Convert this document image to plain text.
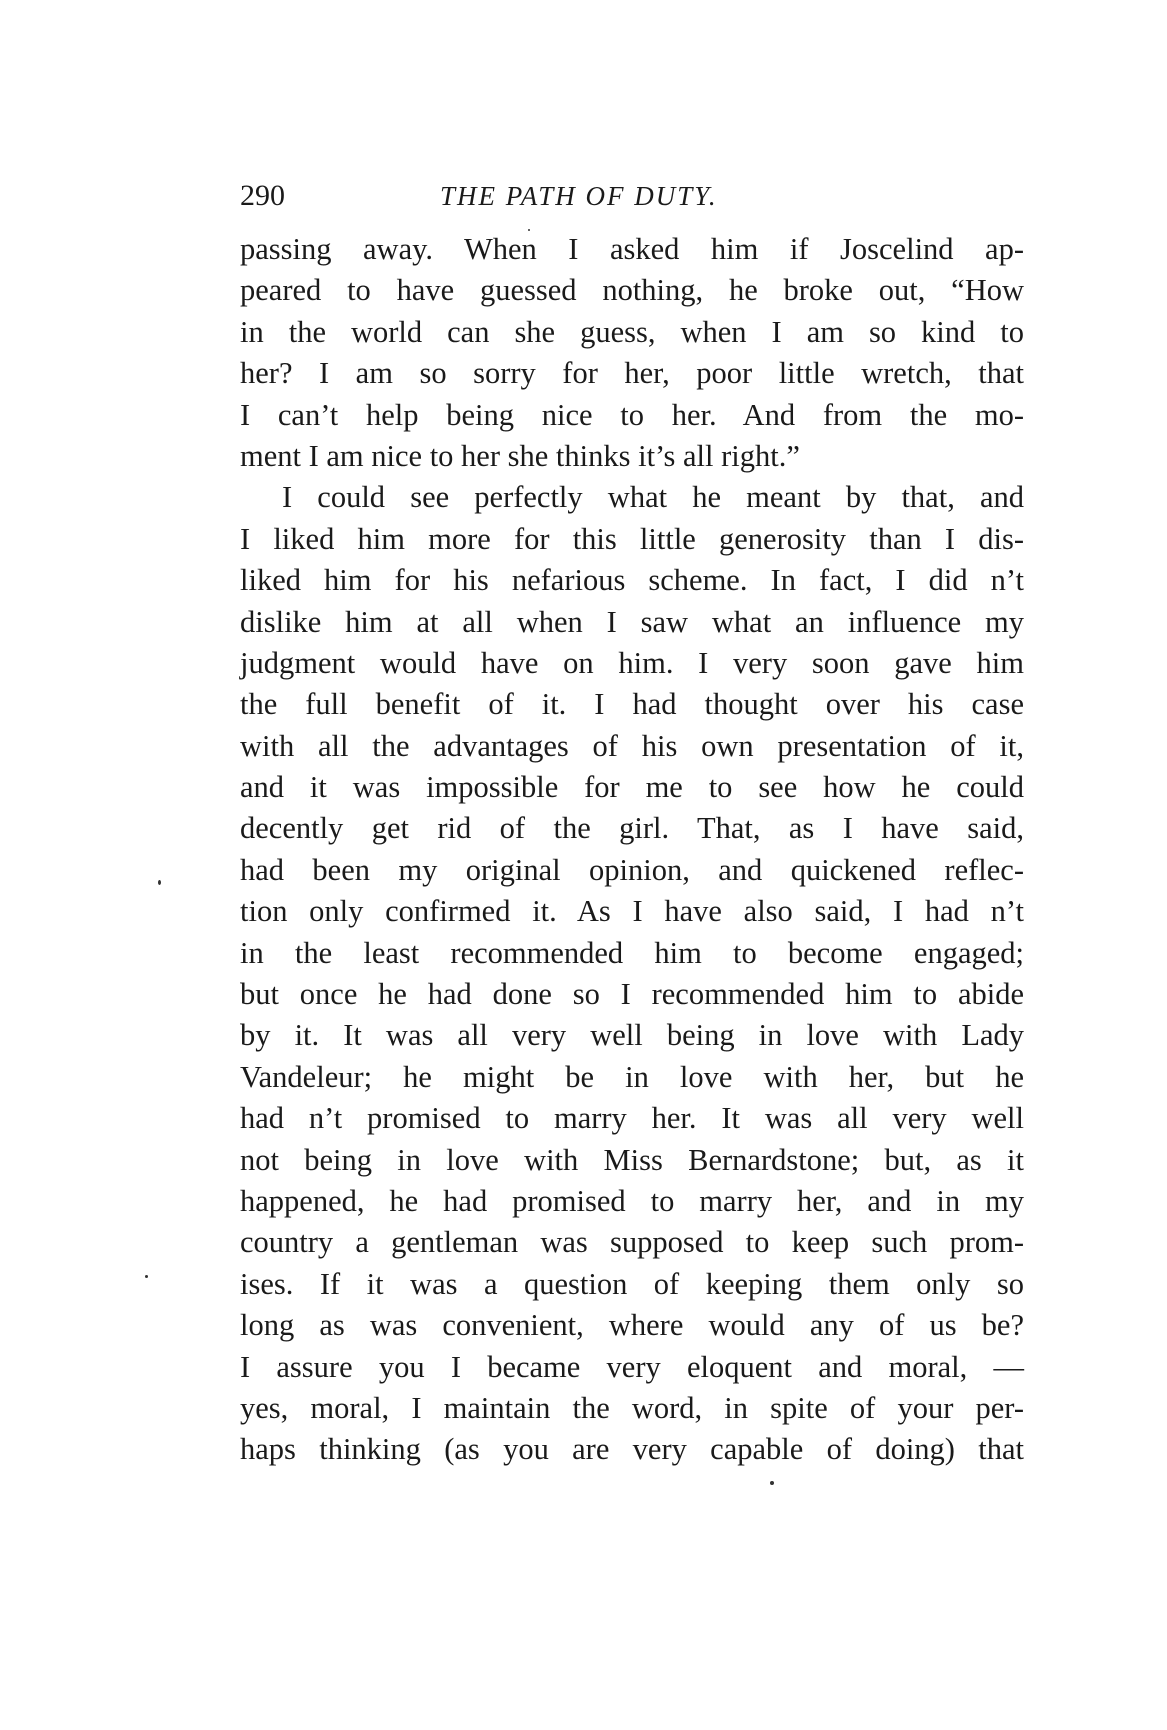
290	THE PATH OF DUTY.
passing away. When I asked him if Joscelind ap-
peared to have guessed nothing, he broke out, “How
in the world can she guess, when I am so kind to
her? I am so sorry for her, poor little wretch, that
I can’t help being nice to her. And from the mo-
ment I am nice to her she thinks it’s all right.”
I could see perfectly what he meant by that, and
I liked him more for this little generosity than I dis-
liked him for his nefarious scheme. In fact, I did n’t
dislike him at all when I saw what an influence my
judgment would have on him. I very soon gave him
the full benefit of it. I had thought over his case
with all the advantages of his own presentation of it,
and it was impossible for me to see how he could
decently get rid of the girl. That, as I have said,
had been my original opinion, and quickened reflec-
tion only confirmed it. As I have also said, I had n’t
in the least recommended him to become engaged;
but once he had done so I recommended him to abide
by it. It was all very well being in love with Lady
Vandeleur; he might be in love with her, but he
had n’t promised to marry her. It was all very well
not being in love with Miss Bernardstone; but, as it
happened, he had promised to marry her, and in my
country a gentleman was supposed to keep such prom-
ises. If it was a question of keeping them only so
long as was convenient, where would any of us be?
I assure you I became very eloquent and moral, —
yes, moral, I maintain the word, in spite of your per-
haps thinking (as you are very capable of doing) that
